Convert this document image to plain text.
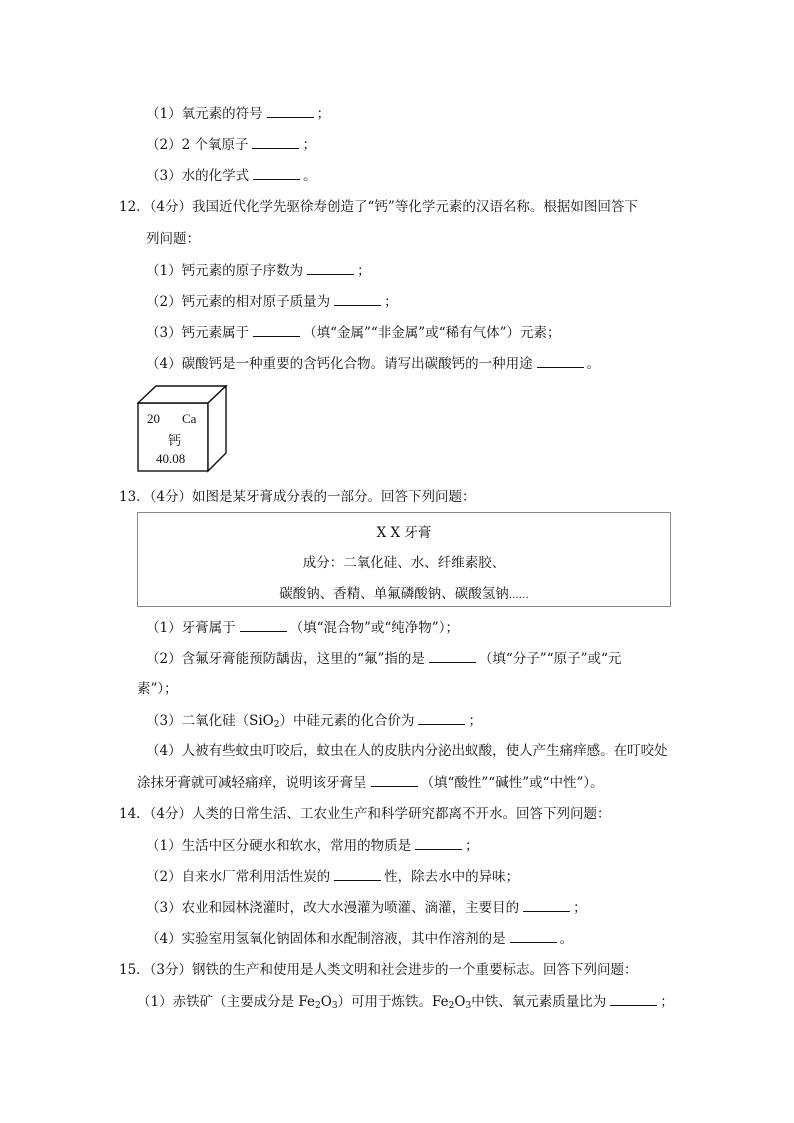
（1）氧元素的符号	；
（2）2 个氧原子	；
（3）水的化学式	。
12．（4分）我国近代化学先驱徐寿创造了“钙”等化学元素的汉语名称。根据如图回答下
列问题：
（1）钙元素的原子序数为	；
（2）钙元素的相对原子质量为	；
（3）钙元素属于	（填“金属”“非金属”或“稀有气体”）元素；
（4）碳酸钙是一种重要的含钙化合物。请写出碳酸钙的一种用途	。
20 Ca
钙
40.08
13．（4分）如图是某牙膏成分表的一部分。回答下列问题：
X X 牙膏
成分：二氧化硅、水、纤维素胶、
碳酸钠、香精、单氟磷酸钠、碳酸氢钠……
（1）牙膏属于	（填“混合物”或“纯净物”）；
（2）含氟牙膏能预防龋齿，这里的“氟”指的是	（填“分子”“原子”或“元
素”）；
（3）二氧化硅（SiO$_2$）中硅元素的化合价为	；
（4）人被有些蚊虫叮咬后，蚊虫在人的皮肤内分泌出蚁酸，使人产生痛痒感。在叮咬处
涂抹牙膏就可减轻痛痒，说明该牙膏呈	（填“酸性”“碱性”或“中性”）。
14．（4分）人类的日常生活、工农业生产和科学研究都离不开水。回答下列问题：
（1）生活中区分硬水和软水，常用的物质是	；
（2）自来水厂常利用活性炭的	性，除去水中的异味；
（3）农业和园林浇灌时，改大水漫灌为喷灌、滴灌，主要目的	；
（4）实验室用氢氧化钠固体和水配制溶液，其中作溶剂的是	。
15．（3分）钢铁的生产和使用是人类文明和社会进步的一个重要标志。回答下列问题：
（1）赤铁矿（主要成分是 $Fe_2O_3$）可用于炼铁。$Fe_2O_3$中铁、氧元素质量比为	；
